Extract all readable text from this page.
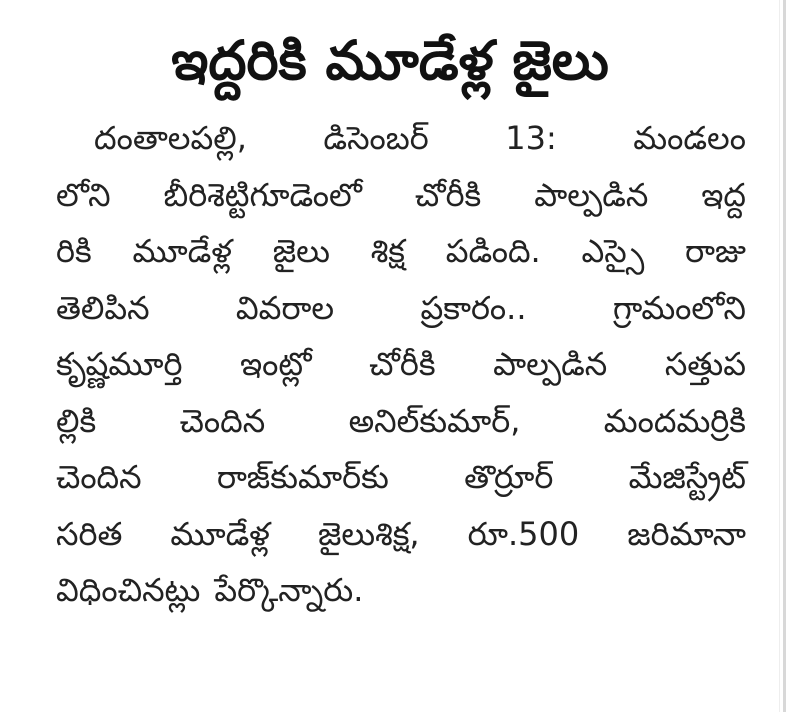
ఇద్దరికి మూడేళ్ల జైలు
దంతాలపల్లి, డిసెంబర్ 13: మండలం
లోని బీరిశెట్టిగూడెంలో చోరీకి పాల్పడిన ఇద్ద
రికి మూడేళ్ల జైలు శిక్ష పడింది. ఎస్సై రాజు
తెలిపిన	వివరాల	ప్రకారం..	గ్రామంలోని
కృష్ణమూర్తి ఇంట్లో చోరీకి పాల్పడిన సత్తుప
ల్లికి	చెందిన	అనిల్‌కుమార్,	మందమర్రికి
చెందిన రాజ్‌కుమార్‌కు తొర్రూర్ మేజిస్ట్రేట్
సరిత మూడేళ్ల జైలుశిక్ష, రూ.500 జరిమానా
విధించినట్లు పేర్కొన్నారు.
